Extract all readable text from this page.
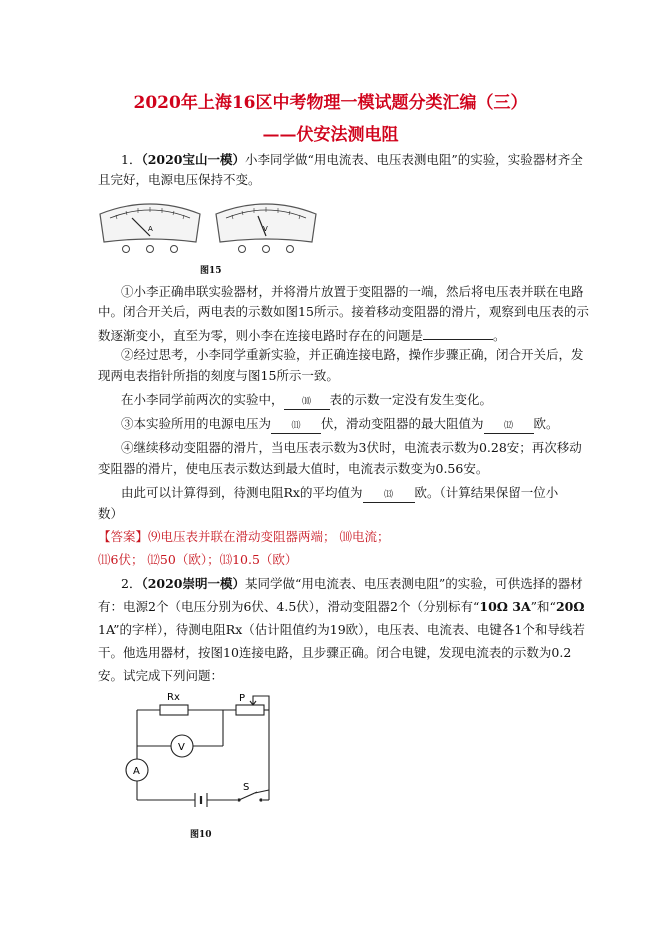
2020年上海16区中考物理一模试题分类汇编（三）
——伏安法测电阻
1．（2020宝山一模）小李同学做“用电流表、电压表测电阻”的实验，实验器材齐全
且完好，电源电压保持不变。
A	V
图15
①小李正确串联实验器材，并将滑片放置于变阻器的一端，然后将电压表并联在电路
中。闭合开关后，两电表的示数如图15所示。接着移动变阻器的滑片，观察到电压表的示
数逐渐变小，直至为零，则小李在连接电路时存在的问题是	。
②经过思考，小李同学重新实验，并正确连接电路，操作步骤正确，闭合开关后，发
现两电表指针所指的刻度与图15所示一致。
在小李同学前两次的实验中， ⑽ 表的示数一定没有发生变化。
③本实验所用的电源电压为 ⑾ 伏，滑动变阻器的最大阻值为 ⑿ 欧。
④继续移动变阻器的滑片，当电压表示数为3伏时，电流表示数为0.28安；再次移动
变阻器的滑片，使电压表示数达到最大值时，电流表示数变为0.56安。
由此可以计算得到，待测电阻Rx的平均值为 ⒀ 欧。（计算结果保留一位小
数）
【答案】⑼电压表并联在滑动变阻器两端； ⑽电流；
⑾6伏； ⑿50（欧）；⒀10.5（欧）
2．（2020崇明一模）某同学做“用电流表、电压表测电阻”的实验，可供选择的器材
有：电源2个（电压分别为6伏、4.5伏），滑动变阻器2个（分别标有“10Ω 3A”和“20Ω
1A”的字样），待测电阻Rx（估计阻值约为19欧），电压表、电流表、电键各1个和导线若
干。他选用器材，按图10连接电路，且步骤正确。闭合电键，发现电流表的示数为0.2
安。试完成下列问题：
V
A
Rx	P
S
图10
